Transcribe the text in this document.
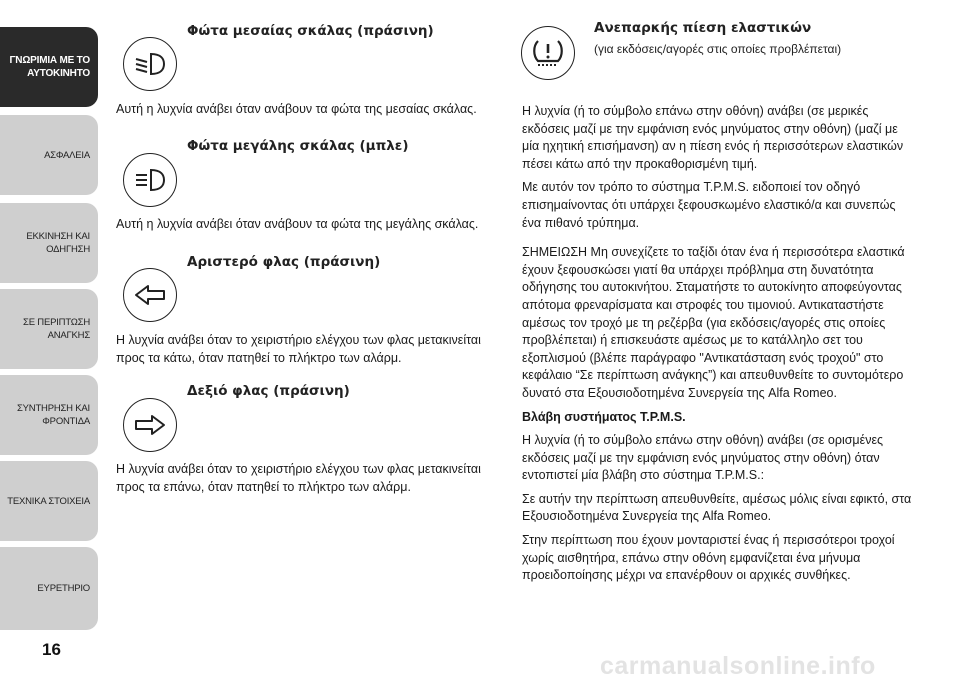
ΓΝΩΡΙΜΙΑ ΜΕ ΤΟ
ΑΥΤΟΚΙΝΗΤΟ
ΑΣΦΑΛΕΙΑ
ΕΚΚΙΝΗΣΗ ΚΑΙ
ΟΔΗΓΗΣΗ
ΣΕ ΠΕΡΙΠΤΩΣΗ
ΑΝΑΓΚΗΣ
ΣΥΝΤΗΡΗΣΗ ΚΑΙ
ΦΡΟΝΤΙΔΑ
ΤΕΧΝΙΚΑ ΣΤΟΙΧΕΙΑ
ΕΥΡΕΤΗΡΙΟ
16
Φώτα μεσαίας σκάλας (πράσινη)
Αυτή η λυχνία ανάβει όταν ανάβουν τα φώτα της μεσαίας σκάλας.
Φώτα μεγάλης σκάλας (μπλε)
Αυτή η λυχνία ανάβει όταν ανάβουν τα φώτα της μεγάλης σκάλας.
Αριστερό φλας (πράσινη)
Η λυχνία ανάβει όταν το χειριστήριο ελέγχου των φλας μετακινείται προς τα κάτω, όταν πατηθεί το πλήκτρο των αλάρμ.
Δεξιό φλας (πράσινη)
Η λυχνία ανάβει όταν το χειριστήριο ελέγχου των φλας μετακινείται προς τα επάνω, όταν πατηθεί το πλήκτρο των αλάρμ.
Ανεπαρκής πίεση ελαστικών
(για εκδόσεις/αγορές στις οποίες προβλέπεται)
Η λυχνία (ή το σύμβολο επάνω στην οθόνη) ανάβει (σε μερικές εκδόσεις μαζί με την εμφάνιση ενός μηνύματος στην οθόνη) (μαζί με μία ηχητική επισήμανση) αν η πίεση ενός ή περισσότερων ελαστικών πέσει κάτω από την προκαθορισμένη τιμή.
Με αυτόν τον τρόπο το σύστημα T.P.M.S. ειδοποιεί τον οδηγό επισημαίνοντας ότι υπάρχει ξεφουσκωμένο ελαστικό/α και συνεπώς ένα πιθανό τρύπημα.
ΣΗΜΕΙΩΣΗ Μη συνεχίζετε το ταξίδι όταν ένα ή περισσότερα ελαστικά έχουν ξεφουσκώσει γιατί θα υπάρχει πρόβλημα στη δυνατότητα οδήγησης του αυτοκινήτου. Σταματήστε το αυτοκίνητο αποφεύγοντας απότομα φρεναρίσματα και στροφές του τιμονιού. Αντικαταστήστε αμέσως τον τροχό με τη ρεζέρβα (για εκδόσεις/αγορές στις οποίες προβλέπεται) ή επισκευάστε αμέσως με το κατάλληλο σετ του εξοπλισμού (βλέπε παράγραφο "Αντικατάσταση ενός τροχού" στο κεφάλαιο “Σε περίπτωση ανάγκης”) και απευθυνθείτε το συντομότερο δυνατό στα Εξουσιοδοτημένα Συνεργεία της Alfa Romeo.
Βλάβη συστήματος T.P.M.S.
Η λυχνία (ή το σύμβολο επάνω στην οθόνη) ανάβει (σε ορισμένες εκδόσεις μαζί με την εμφάνιση ενός μηνύματος στην οθόνη) όταν εντοπιστεί μία βλάβη στο σύστημα T.P.M.S.:
Σε αυτήν την περίπτωση απευθυνθείτε, αμέσως μόλις είναι εφικτό, στα Εξουσιοδοτημένα Συνεργεία της Alfa Romeo.
Στην περίπτωση που έχουν μονταριστεί ένας ή περισσότεροι τροχοί χωρίς αισθητήρα, επάνω στην οθόνη εμφανίζεται ένα μήνυμα προειδοποίησης μέχρι να επανέρθουν οι αρχικές συνθήκες.
carmanualsonline.info
